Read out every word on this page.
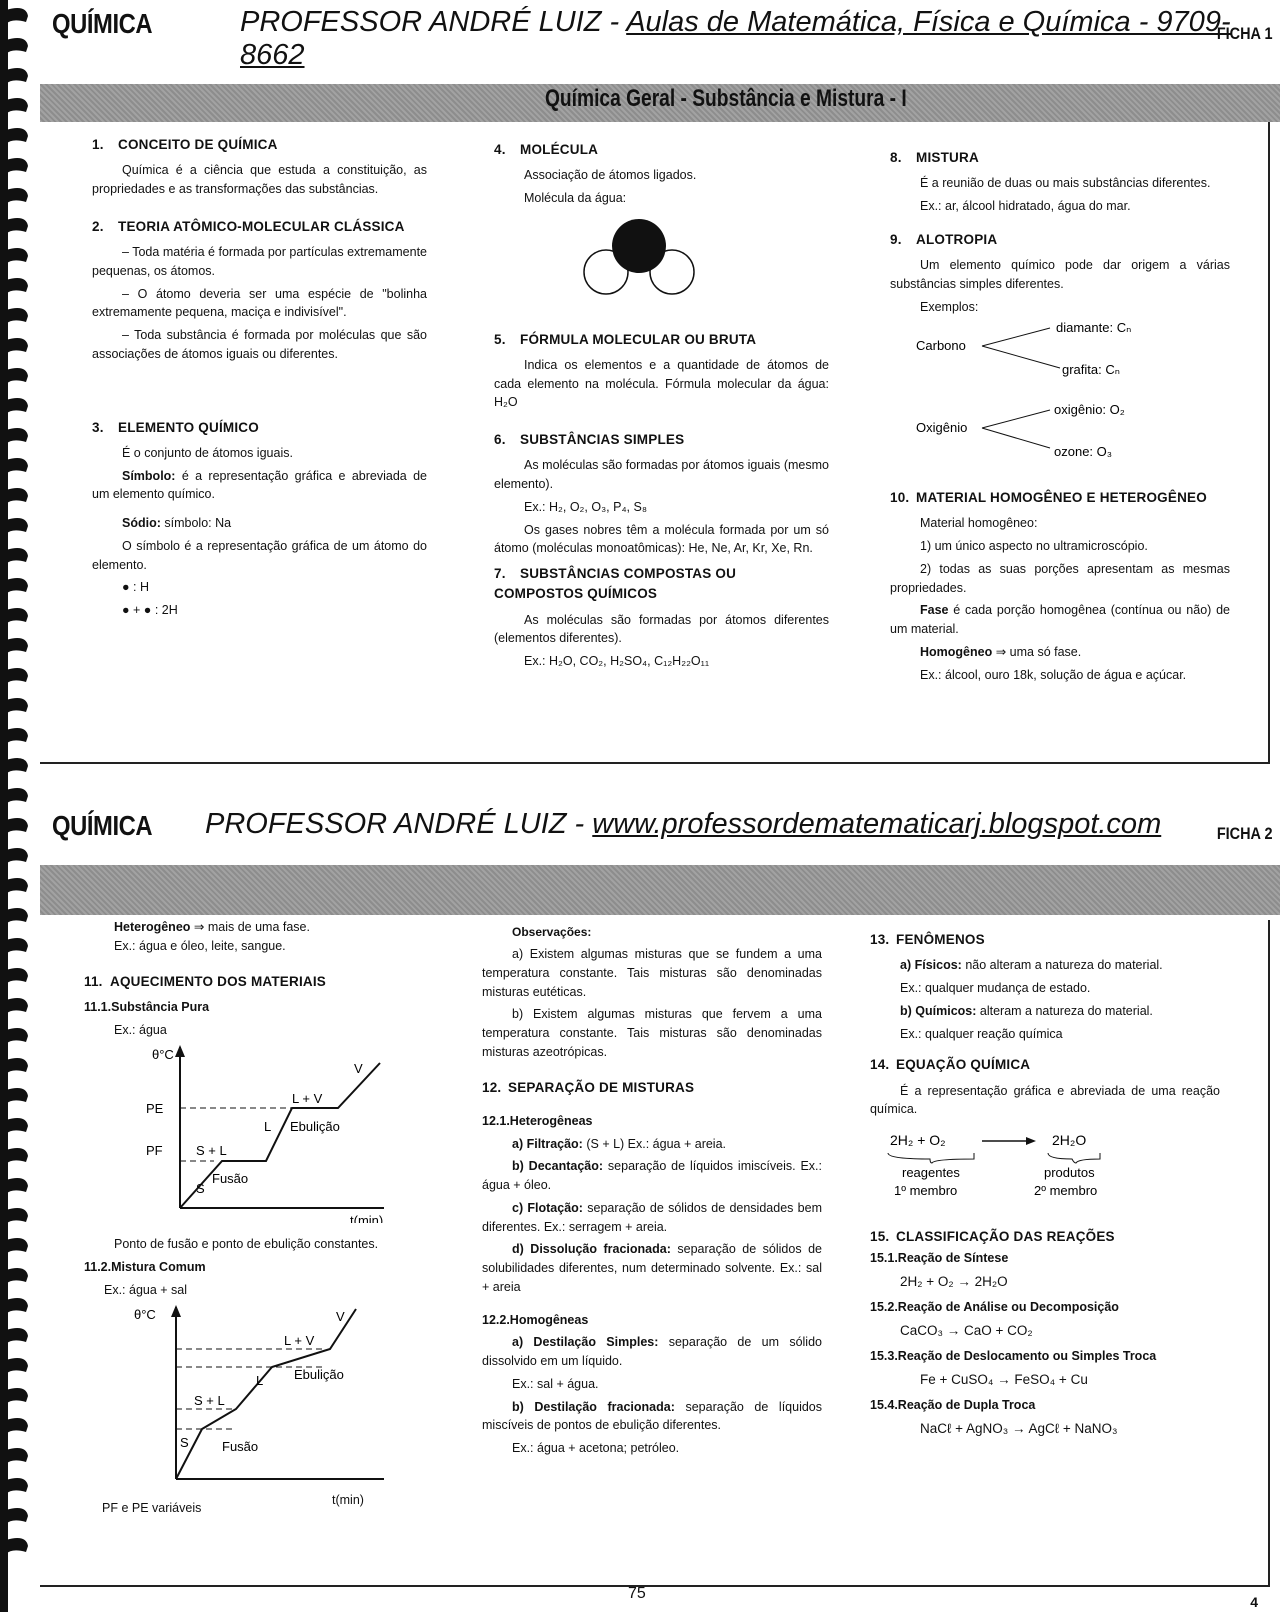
QUÍMICA	PROFESSOR ANDRÉ LUIZ - Aulas de Matemática, Física e Química - 9709-8662
FICHA 1
Química Geral - Substância e Mistura - I
1. CONCEITO DE QUÍMICA

Química é a ciência que estuda a constituição, as propriedades e as transformações das substâncias.

2. TEORIA ATÔMICO-MOLECULAR CLÁSSICA

– Toda matéria é formada por partículas extremamente pequenas, os átomos.

– O átomo deveria ser uma espécie de "bolinha extremamente pequena, maciça e indivisível".

– Toda substância é formada por moléculas que são associações de átomos iguais ou diferentes.

3. ELEMENTO QUÍMICO

É o conjunto de átomos iguais.

Símbolo: é a representação gráfica e abreviada de um elemento químico.

Sódio: símbolo: Na

O símbolo é a representação gráfica de um átomo do elemento.

● : H

● + ● : 2H

4. MOLÉCULA

Associação de átomos ligados.

Molécula da água:

5. FÓRMULA MOLECULAR OU BRUTA

Indica os elementos e a quantidade de átomos de cada elemento na molécula. Fórmula molecular da água: H₂O

6. SUBSTÂNCIAS SIMPLES

As moléculas são formadas por átomos iguais (mesmo elemento).

Ex.: H₂, O₂, O₃, P₄, S₈

Os gases nobres têm a molécula formada por um só átomo (moléculas monoatômicas): He, Ne, Ar, Kr, Xe, Rn.

7. SUBSTÂNCIAS COMPOSTAS OU COMPOSTOS QUÍMICOS

As moléculas são formadas por átomos diferentes (elementos diferentes).

Ex.: H₂O, CO₂, H₂SO₄, C₁₂H₂₂O₁₁

8. MISTURA

É a reunião de duas ou mais substâncias diferentes.

Ex.: ar, álcool hidratado, água do mar.

9. ALOTROPIA

Um elemento químico pode dar origem a várias substâncias simples diferentes.

Exemplos:

Carbono
diamante: Cₙ
grafita: Cₙ
Oxigênio
oxigênio: O₂
ozone: O₃
10. MATERIAL HOMOGÊNEO E HETEROGÊNEO

Material homogêneo:

1) um único aspecto no ultramicroscópio.

2) todas as suas porções apresentam as mesmas propriedades.

Fase é cada porção homogênea (contínua ou não) de um material.

Homogêneo ⇒ uma só fase.

Ex.: álcool, ouro 18k, solução de água e açúcar.

QUÍMICA PROFESSOR ANDRÉ LUIZ - www.professordematematicarj.blogspot.com	FICHA 2

Heterogêneo ⇒ mais de uma fase.

Ex.: água e óleo, leite, sangue.

11. AQUECIMENTO DOS MATERIAIS
11.1.Substância Pura

Ex.: água

θ°C
PE
PF
V
L + V
L Ebulição
S + L
S
Fusão
t(min)

Ponto de fusão e ponto de ebulição constantes.

11.2.Mistura Comum

Ex.: água + sal

θ°C	V
L + V
L Ebulição
S + L
S	Fusão
PF e PE variáveis
t(min)
Observações:

a) Existem algumas misturas que se fundem a uma temperatura constante. Tais misturas são denominadas misturas eutéticas.

b) Existem algumas misturas que fervem a uma temperatura constante. Tais misturas são denominadas misturas azeotrópicas.

12. SEPARAÇÃO DE MISTURAS
12.1.Heterogêneas

a) Filtração: (S + L) Ex.: água + areia.

b) Decantação: separação de líquidos imiscíveis. Ex.: água + óleo.

c) Flotação: separação de sólidos de densidades bem diferentes. Ex.: serragem + areia.

d) Dissolução fracionada: separação de sólidos de solubilidades diferentes, num determinado solvente. Ex.: sal + areia

12.2.Homogêneas

a) Destilação Simples: separação de um sólido dissolvido em um líquido.

Ex.: sal + água.

b) Destilação fracionada: separação de líquidos miscíveis de pontos de ebulição diferentes.

Ex.: água + acetona; petróleo.

13. FENÔMENOS

a) Físicos: não alteram a natureza do material.

Ex.: qualquer mudança de estado.

b) Químicos: alteram a natureza do material.

Ex.: qualquer reação química

14. EQUAÇÃO QUÍMICA

É a representação gráfica e abreviada de uma reação química.

2H₂ + O₂	2H₂O
reagentes	produtos
1º membro	2º membro
15. CLASSIFICAÇÃO DAS REAÇÕES
15.1.Reação de Síntese

2H₂ + O₂ → 2H₂O

15.2.Reação de Análise ou Decomposição

CaCO₃ → CaO + CO₂

15.3.Reação de Deslocamento ou Simples Troca

Fe + CuSO₄ → FeSO₄ + Cu

15.4.Reação de Dupla Troca

NaCℓ + AgNO₃ → AgCℓ + NaNO₃

75	4
